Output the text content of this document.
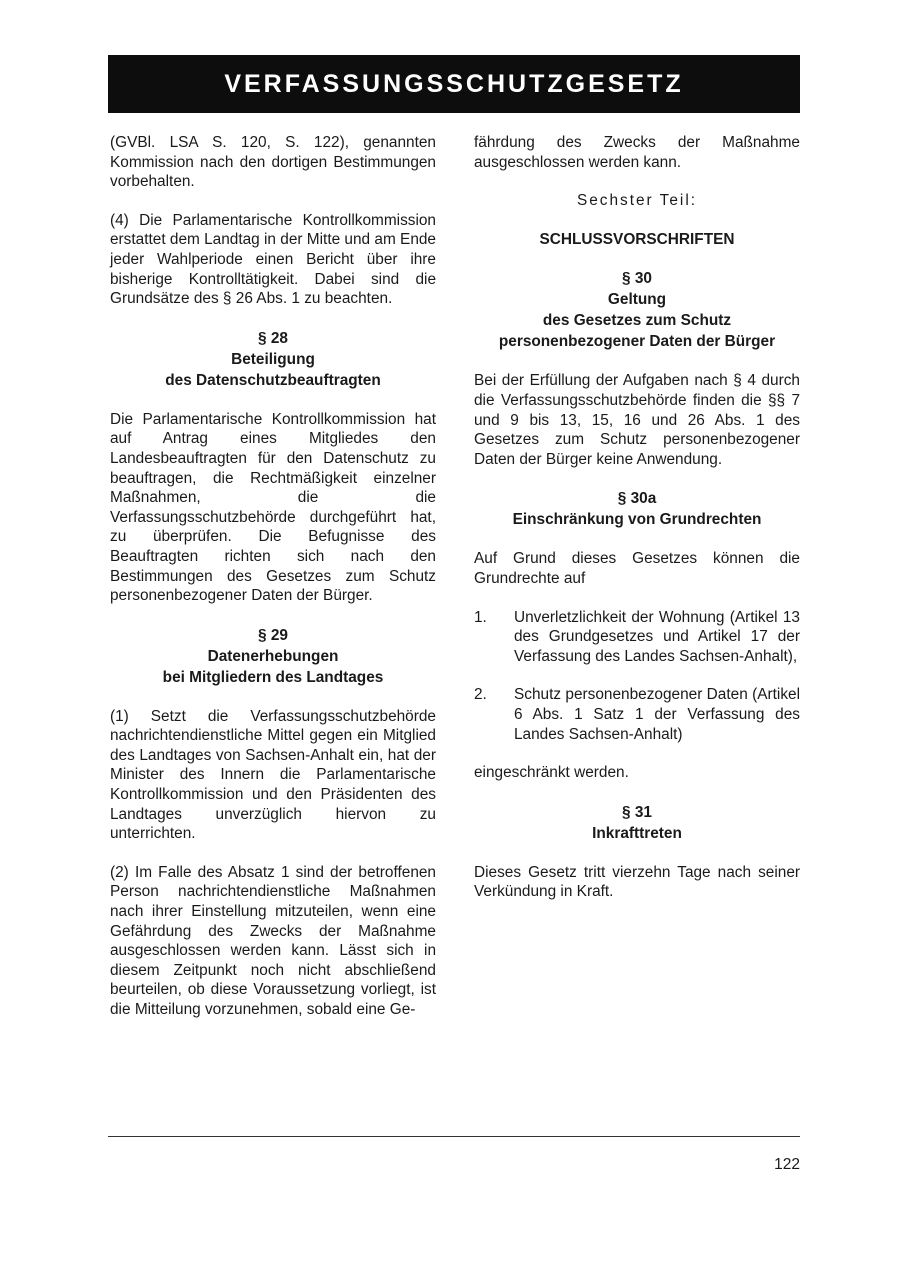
VERFASSUNGSSCHUTZGESETZ

(GVBl. LSA S. 120, S. 122), genannten Kommission nach den dortigen Bestimmungen vorbehalten.

(4) Die Parlamentarische Kontrollkommission erstattet dem Landtag in der Mitte und am Ende jeder Wahlperiode einen Bericht über ihre bisherige Kontrolltätigkeit. Dabei sind die Grundsätze des § 26 Abs. 1 zu beachten.

§ 28

Beteiligung

des Datenschutzbeauftragten

Die Parlamentarische Kontrollkommission hat auf Antrag eines Mitgliedes den Landesbeauftragten für den Datenschutz zu beauftragen, die Rechtmäßigkeit einzelner Maßnahmen, die die Verfassungsschutzbehörde durchgeführt hat, zu überprüfen. Die Befugnisse des Beauftragten richten sich nach den Bestimmungen des Gesetzes zum Schutz personenbezogener Daten der Bürger.

§ 29

Datenerhebungen

bei Mitgliedern des Landtages

(1) Setzt die Verfassungsschutzbehörde nachrichtendienstliche Mittel gegen ein Mitglied des Landtages von Sachsen-Anhalt ein, hat der Minister des Innern die Parlamentarische Kontrollkommission und den Präsidenten des Landtages unverzüglich hiervon zu unterrichten.

(2) Im Falle des Absatz 1 sind der betroffenen Person nachrichtendienstliche Maßnahmen nach ihrer Einstellung mitzuteilen, wenn eine Gefährdung des Zwecks der Maßnahme ausgeschlossen werden kann. Lässt sich in diesem Zeitpunkt noch nicht abschließend beurteilen, ob diese Voraussetzung vorliegt, ist die Mitteilung vorzunehmen, sobald eine Ge-

fährdung des Zwecks der Maßnahme ausgeschlossen werden kann.

Sechster Teil:

SCHLUSSVORSCHRIFTEN

§ 30

Geltung

des Gesetzes zum Schutz

personenbezogener Daten der Bürger

Bei der Erfüllung der Aufgaben nach § 4 durch die Verfassungsschutzbehörde finden die §§ 7 und 9 bis 13, 15, 16 und 26 Abs. 1 des Gesetzes zum Schutz personenbezogener Daten der Bürger keine Anwendung.

§ 30a

Einschränkung von Grundrechten

Auf Grund dieses Gesetzes können die Grundrechte auf

1.	Unverletzlichkeit der Wohnung (Artikel 13 des Grundgesetzes und Artikel 17 der Verfassung des Landes Sachsen-Anhalt),
2.	Schutz personenbezogener Daten (Artikel 6 Abs. 1 Satz 1 der Verfassung des Landes Sachsen-Anhalt)

eingeschränkt werden.

§ 31

Inkrafttreten

Dieses Gesetz tritt vierzehn Tage nach seiner Verkündung in Kraft.

122
